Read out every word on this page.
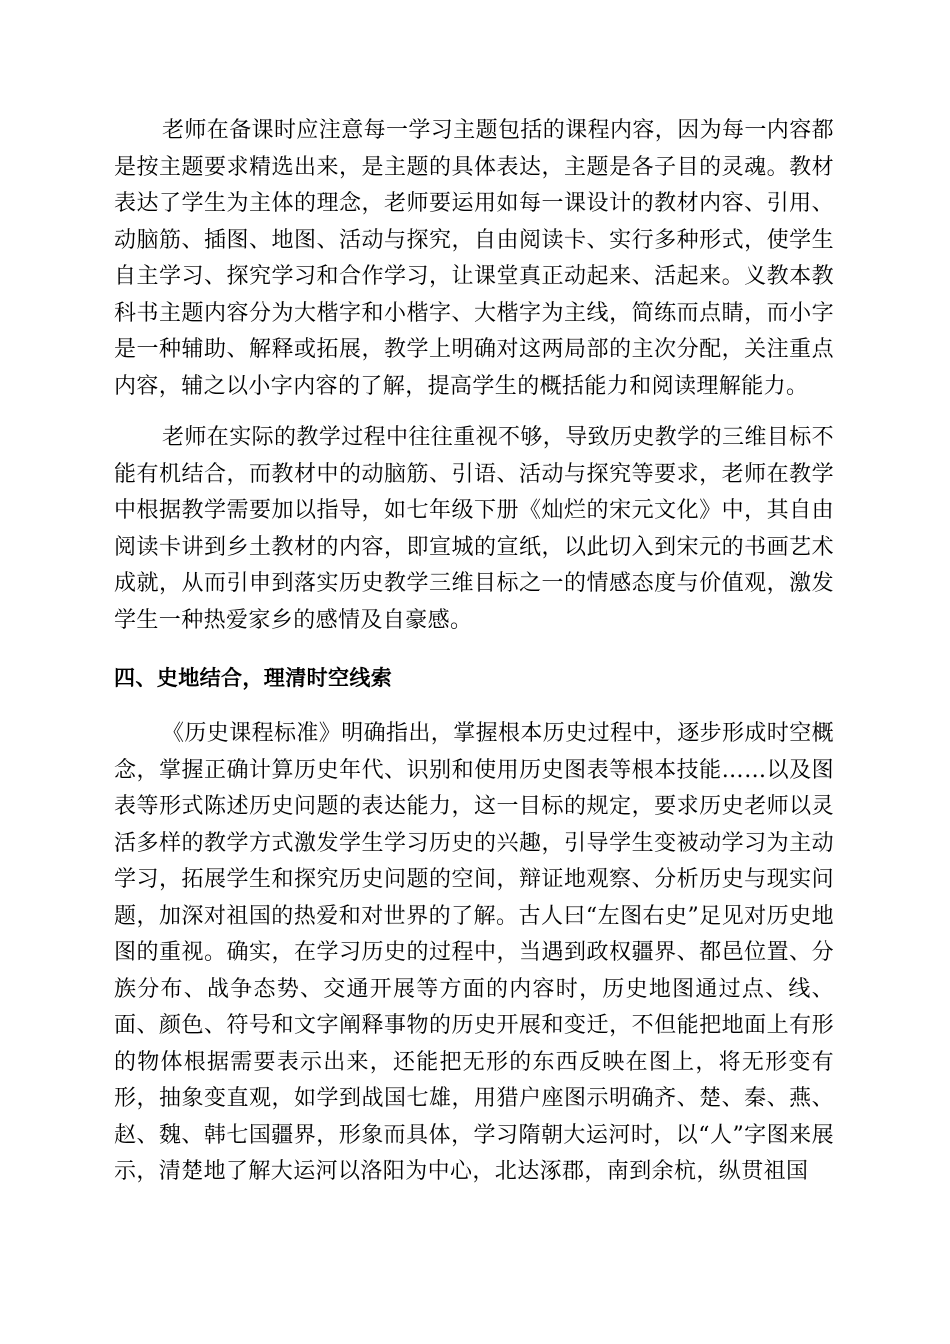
老师在备课时应注意每一学习主题包括的课程内容，因为每一内容都是按主题要求精选出来，是主题的具体表达，主题是各子目的灵魂。教材表达了学生为主体的理念，老师要运用如每一课设计的教材内容、引用、动脑筋、插图、地图、活动与探究，自由阅读卡、实行多种形式，使学生自主学习、探究学习和合作学习，让课堂真正动起来、活起来。义教本教科书主题内容分为大楷字和小楷字、大楷字为主线，简练而点睛，而小字是一种辅助、解释或拓展，教学上明确对这两局部的主次分配，关注重点内容，辅之以小字内容的了解，提高学生的概括能力和阅读理解能力。

老师在实际的教学过程中往往重视不够，导致历史教学的三维目标不能有机结合，而教材中的动脑筋、引语、活动与探究等要求，老师在教学中根据教学需要加以指导，如七年级下册《灿烂的宋元文化》中，其自由阅读卡讲到乡土教材的内容，即宣城的宣纸，以此切入到宋元的书画艺术成就，从而引申到落实历史教学三维目标之一的情感态度与价值观，激发学生一种热爱家乡的感情及自豪感。

四、史地结合，理清时空线索

《历史课程标准》明确指出，掌握根本历史过程中，逐步形成时空概念，掌握正确计算历史年代、识别和使用历史图表等根本技能……以及图表等形式陈述历史问题的表达能力，这一目标的规定，要求历史老师以灵活多样的教学方式激发学生学习历史的兴趣，引导学生变被动学习为主动学习，拓展学生和探究历史问题的空间，辩证地观察、分析历史与现实问题，加深对祖国的热爱和对世界的了解。古人曰“左图右史”足见对历史地图的重视。确实，在学习历史的过程中，当遇到政权疆界、都邑位置、分族分布、战争态势、交通开展等方面的内容时，历史地图通过点、线、面、颜色、符号和文字阐释事物的历史开展和变迁，不但能把地面上有形的物体根据需要表示出来，还能把无形的东西反映在图上，将无形变有形，抽象变直观，如学到战国七雄，用猎户座图示明确齐、楚、秦、燕、赵、魏、韩七国疆界，形象而具体，学习隋朝大运河时，以“人”字图来展示，清楚地了解大运河以洛阳为中心，北达涿郡，南到余杭，纵贯祖国
